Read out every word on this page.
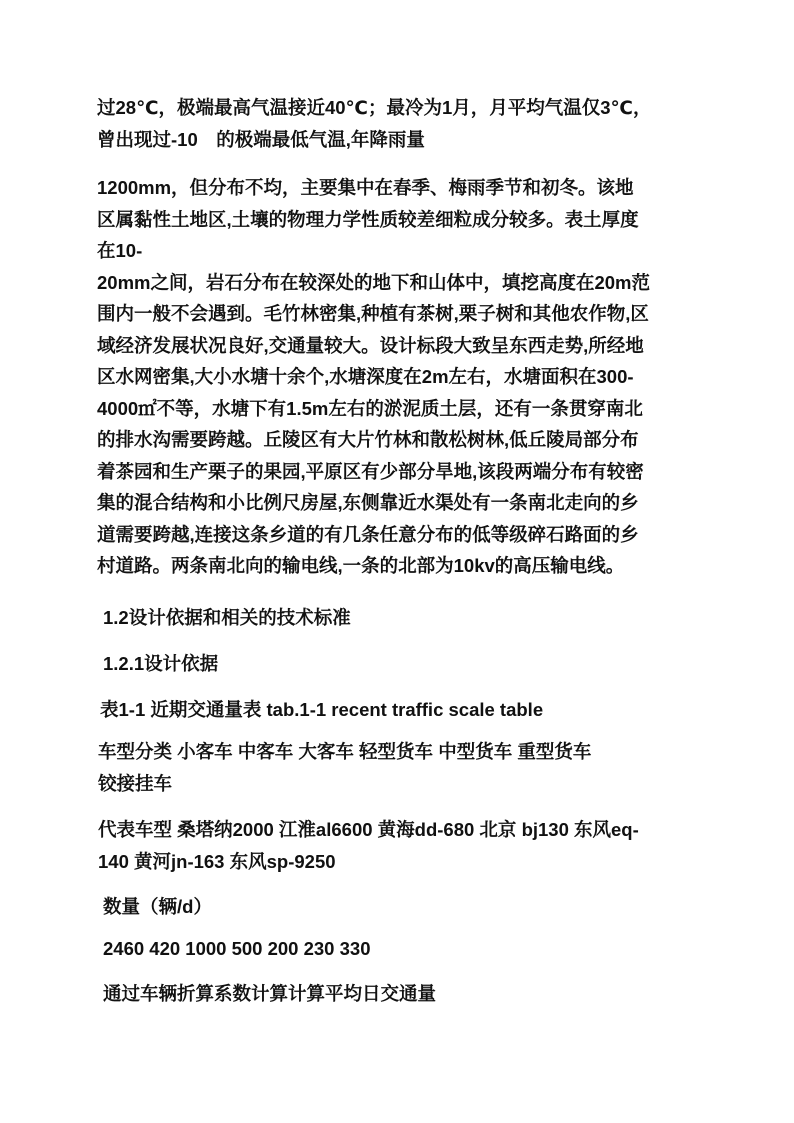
过28℃，极端最高气温接近40℃；最冷为1月，月平均气温仅3℃，
曾出现过-10　的极端最低气温,年降雨量
1200mm，但分布不均，主要集中在春季、梅雨季节和初冬。该地
区属黏性土地区,土壤的物理力学性质较差细粒成分较多。表土厚度
在10-
20mm之间，岩石分布在较深处的地下和山体中，填挖高度在20m范
围内一般不会遇到。毛竹林密集,种植有茶树,栗子树和其他农作物,区
域经济发展状况良好,交通量较大。设计标段大致呈东西走势,所经地
区水网密集,大小水塘十余个,水塘深度在2m左右，水塘面积在300-
4000㎡不等，水塘下有1.5m左右的淤泥质土层，还有一条贯穿南北
的排水沟需要跨越。丘陵区有大片竹林和散松树林,低丘陵局部分布
着茶园和生产栗子的果园,平原区有少部分旱地,该段两端分布有较密
集的混合结构和小比例尺房屋,东侧靠近水渠处有一条南北走向的乡
道需要跨越,连接这条乡道的有几条任意分布的低等级碎石路面的乡
村道路。两条南北向的输电线,一条的北部为10kv的高压输电线。
1.2设计依据和相关的技术标准
1.2.1设计依据
表1-1 近期交通量表 tab.1-1 recent traffic scale table
车型分类 小客车 中客车 大客车 轻型货车 中型货车 重型货车
铰接挂车
代表车型 桑塔纳2000 江淮al6600 黄海dd-680 北京 bj130 东风eq-
140 黄河jn-163 东风sp-9250
数量（辆/d）
2460 420 1000 500 200 230 330
通过车辆折算系数计算计算平均日交通量
